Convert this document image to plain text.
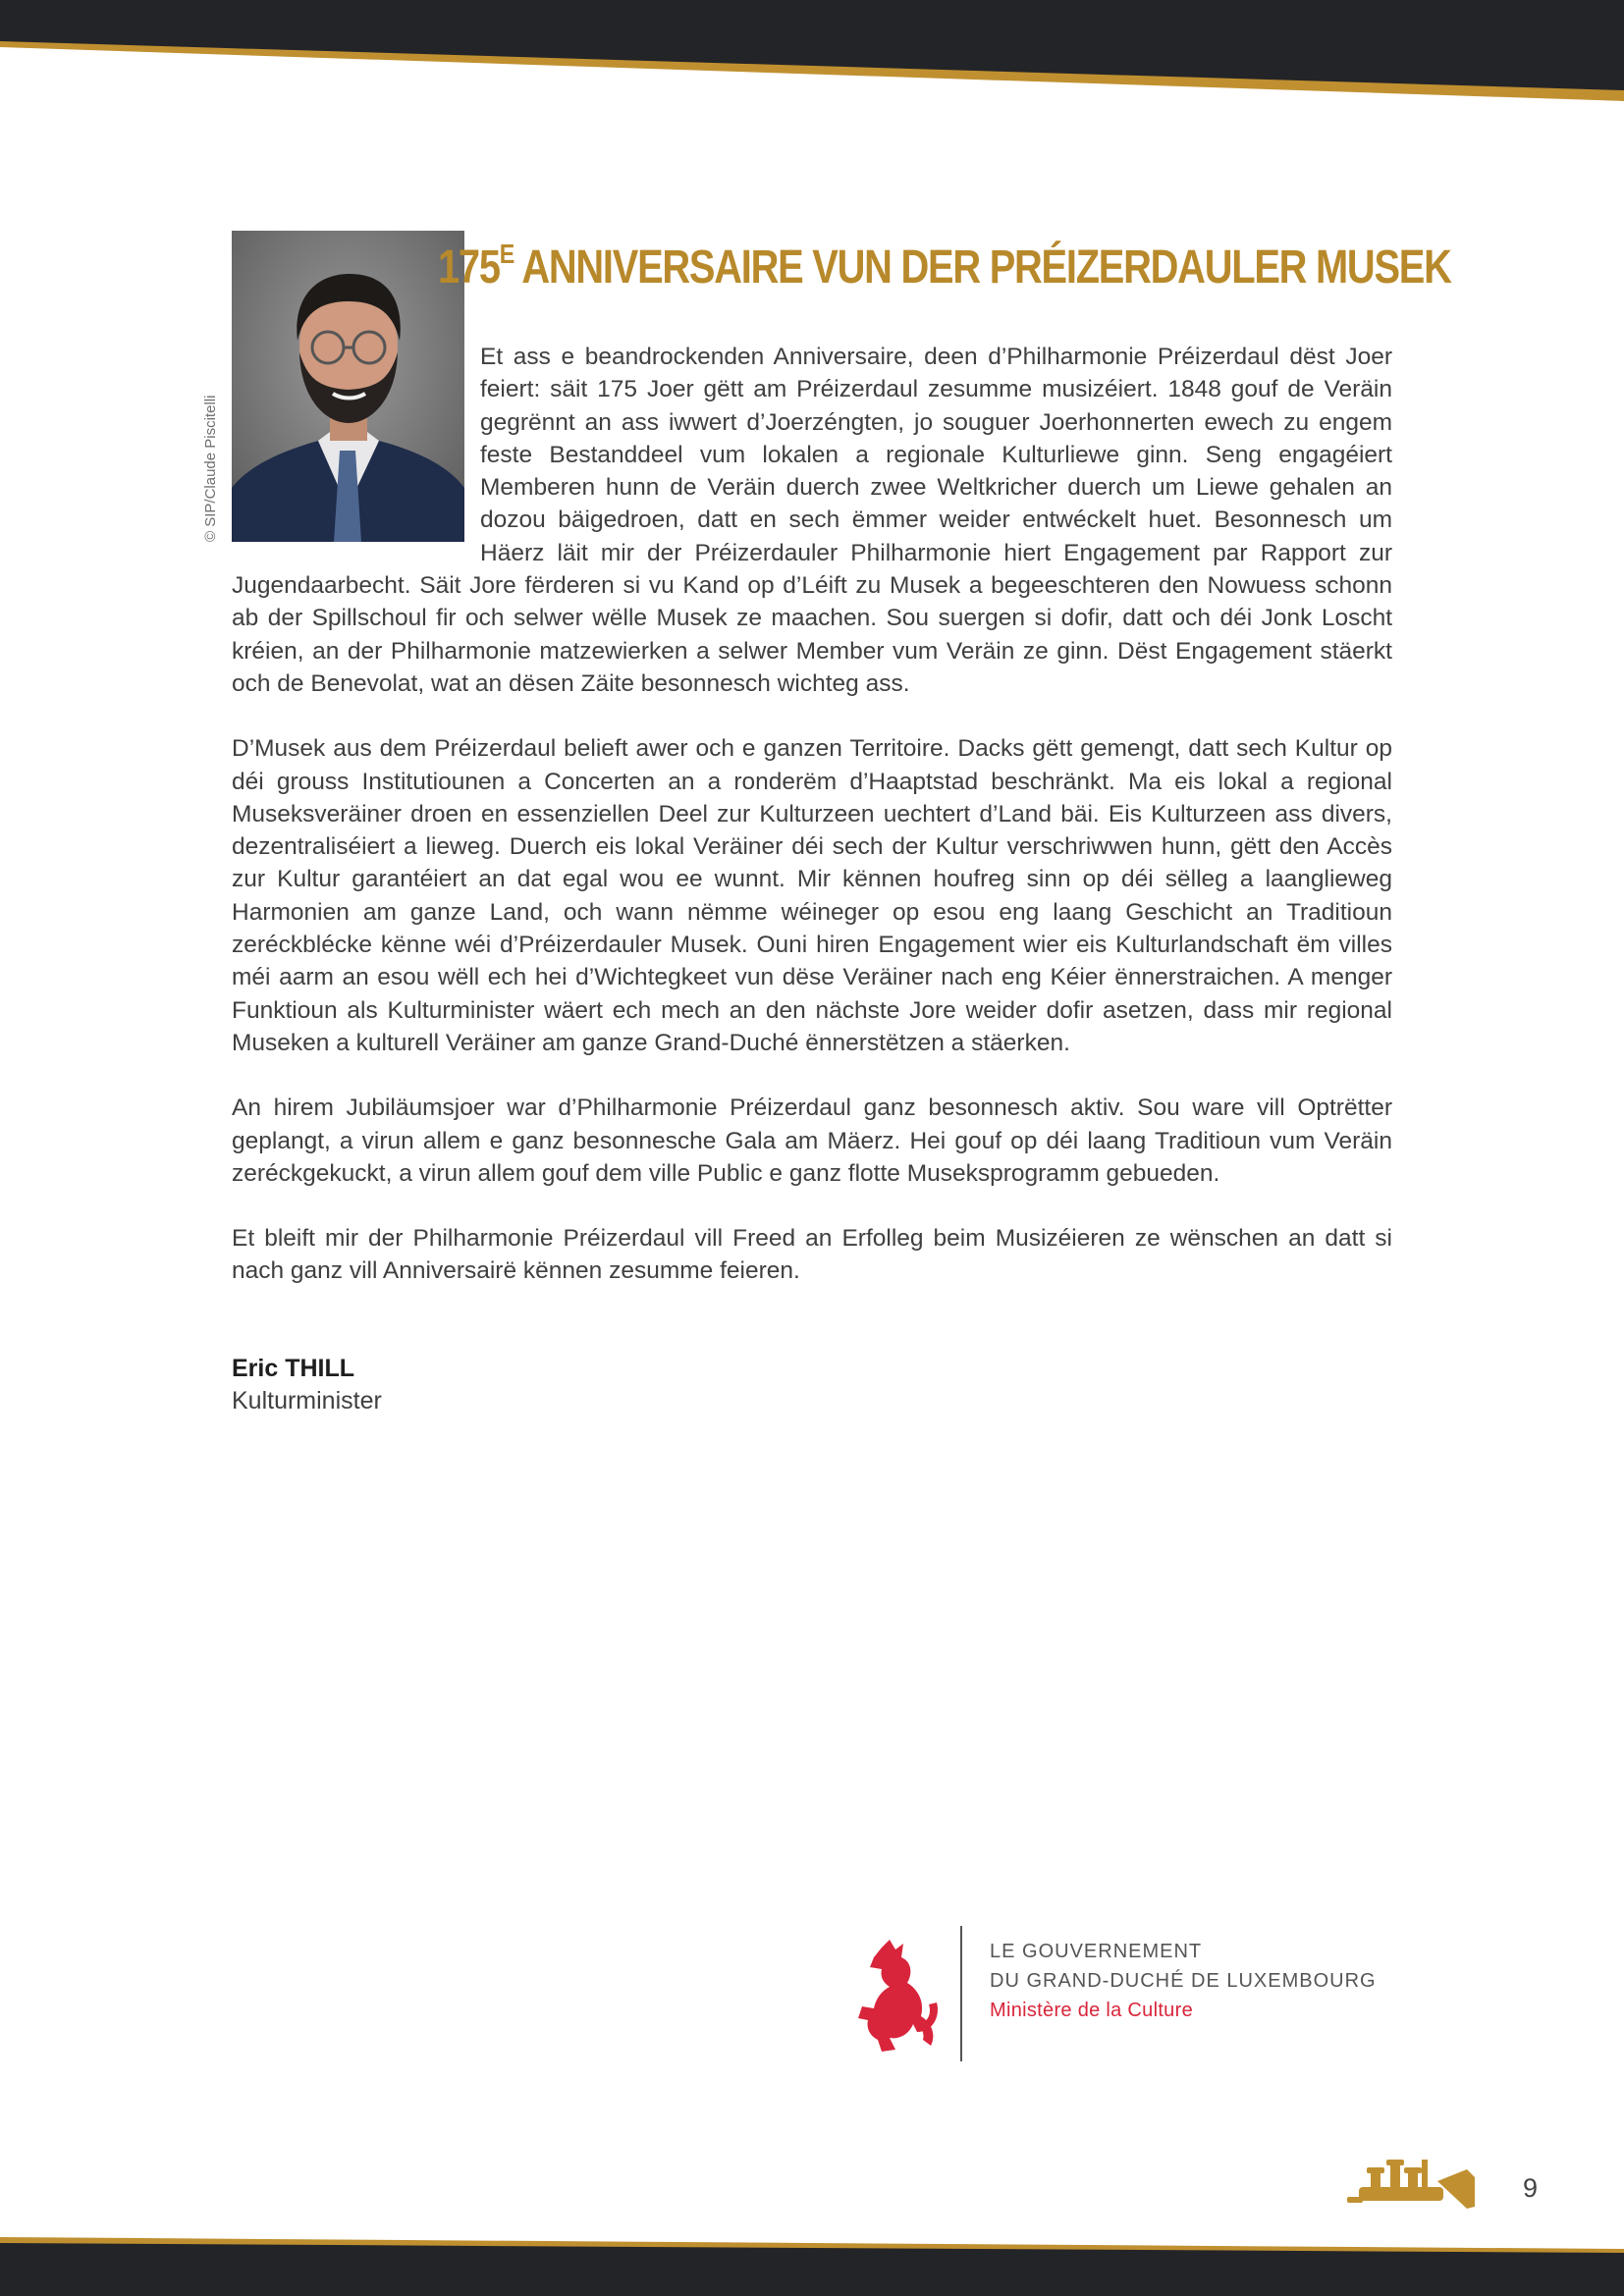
© SIP/Claude Piscitelli
$175^E$ ANNIVERSAIRE VUN DER PRÉIZERDAULER MUSEK

Et ass e beandrockenden Anniversaire, deen d’Philharmonie Préizerdaul dëst Joer feiert: säit 175 Joer gëtt am Préizerdaul zesumme musizéiert. 1848 gouf de Veräin gegrënnt an ass iwwert d’Joerzéngten, jo souguer Joerhonnerten ewech zu engem feste Bestanddeel vum lokalen a regionale Kulturliewe ginn. Seng engagéiert Memberen hunn de Veräin duerch zwee Weltkricher duerch um Liewe gehalen an dozou bäigedroen, datt en sech ëmmer weider entwéckelt huet. Besonnesch um Häerz läit mir der Préizerdauler Philharmonie hiert Engagement par Rapport zur Jugendaarbecht. Säit Jore fërderen si vu Kand op d’Léift zu Musek a begeeschteren den Nowuess schonn ab der Spillschoul fir och selwer wëlle Musek ze maachen. Sou suergen si dofir, datt och déi Jonk Loscht kréien, an der Philharmonie matzewierken a selwer Member vum Veräin ze ginn. Dëst Engagement stäerkt och de Benevolat, wat an dësen Zäite besonnesch wichteg ass.

D’Musek aus dem Préizerdaul belieft awer och e ganzen Territoire. Dacks gëtt gemengt, datt sech Kultur op déi grouss Institutiounen a Concerten an a ronderëm d’Haaptstad beschränkt. Ma eis lokal a regional Museksveräiner droen en essenziellen Deel zur Kulturzeen uechtert d’Land bäi. Eis Kulturzeen ass divers, dezentraliséiert a lieweg. Duerch eis lokal Veräiner déi sech der Kultur verschriwwen hunn, gëtt den Accès zur Kultur garantéiert an dat egal wou ee wunnt. Mir kënnen houfreg sinn op déi sëlleg a laanglieweg Harmonien am ganze Land, och wann nëmme wéineger op esou eng laang Geschicht an Traditioun zeréckblécke kënne wéi d’Préizerdauler Musek. Ouni hiren Engagement wier eis Kulturlandschaft ëm villes méi aarm an esou wëll ech hei d’Wichtegkeet vun dëse Veräiner nach eng Kéier ënnerstraichen. A menger Funktioun als Kulturminister wäert ech mech an den nächste Jore weider dofir asetzen, dass mir regional Museken a kulturell Veräiner am ganze Grand-Duché ënnerstëtzen a stäerken.

An hirem Jubiläumsjoer war d’Philharmonie Préizerdaul ganz besonnesch aktiv. Sou ware vill Optrëtter geplangt, a virun allem e ganz besonnesche Gala am Mäerz. Hei gouf op déi laang Traditioun vum Veräin zeréckgekuckt, a virun allem gouf dem ville Public e ganz flotte Museksprogramm gebueden.

Et bleift mir der Philharmonie Préizerdaul vill Freed an Erfolleg beim Musizéieren ze wënschen an datt si nach ganz vill Anniversairë kënnen zesumme feieren.

Eric THILL
Kulturminister
LE GOUVERNEMENT
DU GRAND-DUCHÉ DE LUXEMBOURG
Ministère de la Culture
9
